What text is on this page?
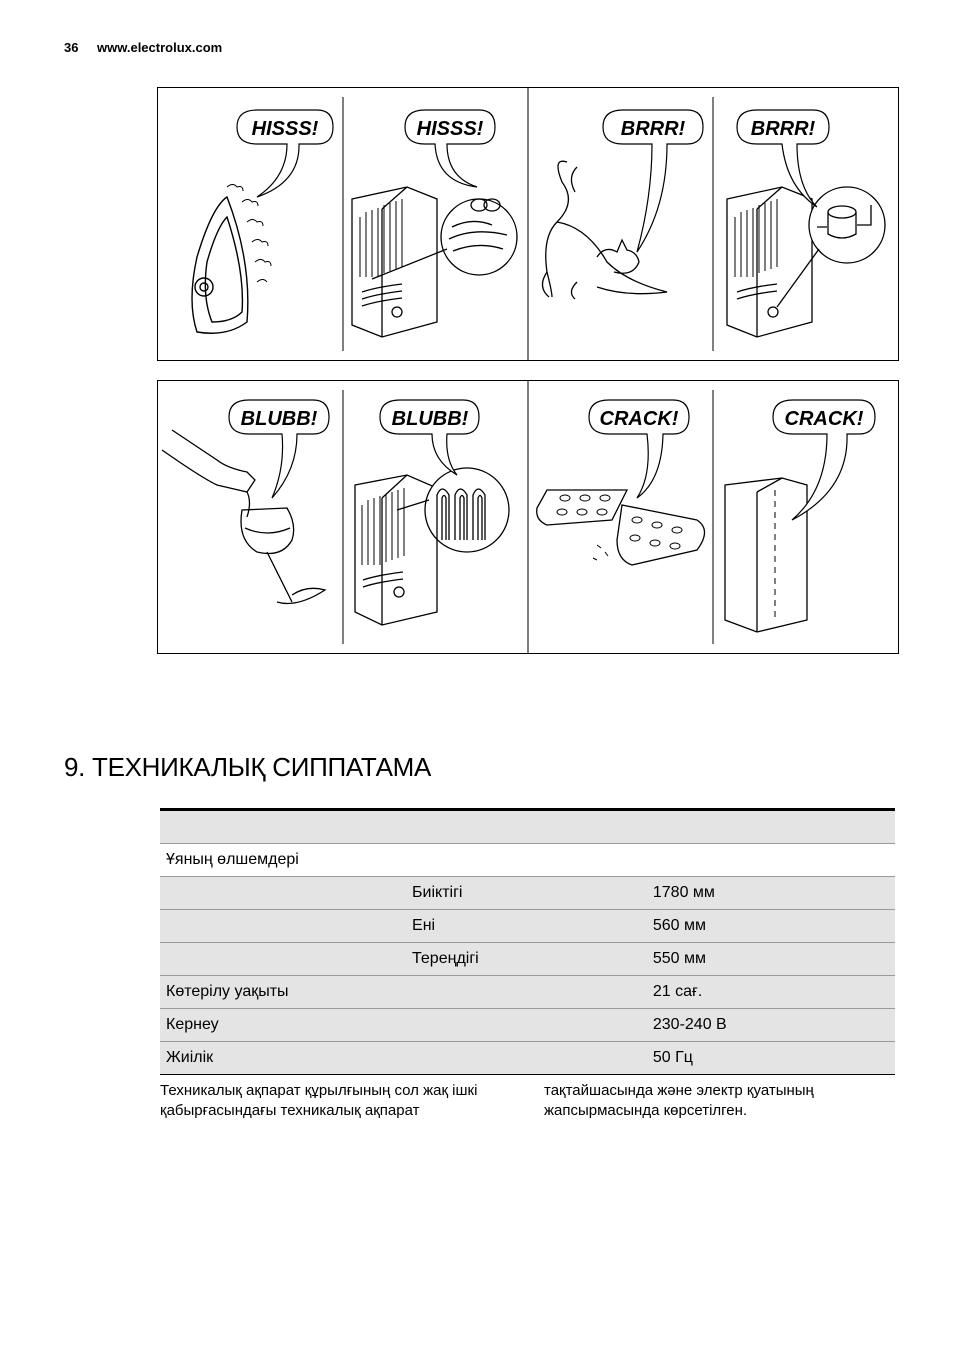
36 www.electrolux.com
HISSS!	HISSS!	BRRR!	BRRR!
BLUBB!	BLUBB!	CRACK!	CRACK!
9. ТЕХНИКАЛЫҚ СИППАТАМА

Ұяның өлшемдері		
	Биіктігі	1780 мм
	Ені	560 мм
	Тереңдігі	550 мм
Көтерілу уақыты		21 сағ.
Кернеу		230-240 В
Жиілік		50 Гц
Техникалық ақпарат құрылғының сол жақ ішкі қабырғасындағы техникалық ақпарат
тақтайшасында және электр қуатының жапсырмасында көрсетілген.
